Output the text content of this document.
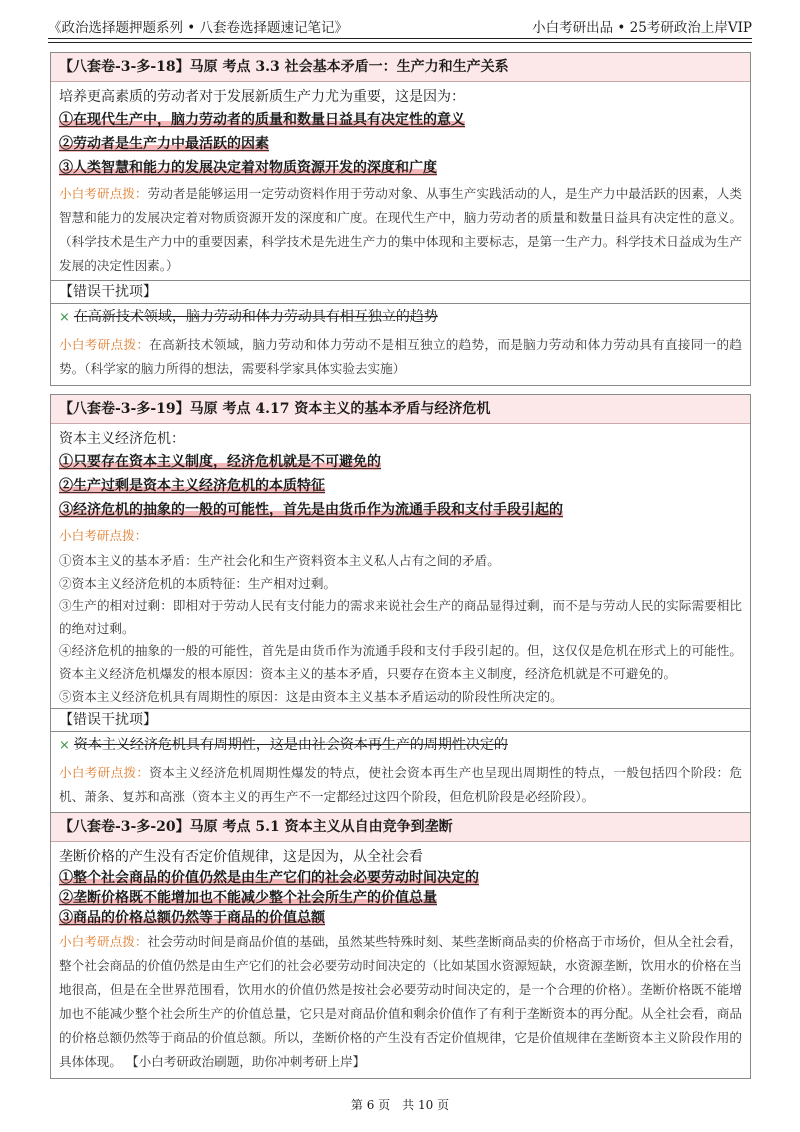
《政治选择题押题系列 • 八套卷选择题速记笔记》	小白考研出品 • 25考研政治上岸VIP
【八套卷-3-多-18】马原 考点 3.3 社会基本矛盾一：生产力和生产关系
培养更高素质的劳动者对于发展新质生产力尤为重要，这是因为：
①在现代生产中，脑力劳动者的质量和数量日益具有决定性的意义
②劳动者是生产力中最活跃的因素
③人类智慧和能力的发展决定着对物质资源开发的深度和广度
小白考研点拨：劳动者是能够运用一定劳动资料作用于劳动对象、从事生产实践活动的人，是生产力中最活跃的因素，人类智慧和能力的发展决定着对物质资源开发的深度和广度。在现代生产中，脑力劳动者的质量和数量日益具有决定性的意义。（科学技术是生产力中的重要因素，科学技术是先进生产力的集中体现和主要标志，是第一生产力。科学技术日益成为生产发展的决定性因素。）
【错误干扰项】
× 在高新技术领域，脑力劳动和体力劳动具有相互独立的趋势
小白考研点拨：在高新技术领域，脑力劳动和体力劳动不是相互独立的趋势，而是脑力劳动和体力劳动具有直接同一的趋势。（科学家的脑力所得的想法，需要科学家具体实验去实施）
【八套卷-3-多-19】马原 考点 4.17 资本主义的基本矛盾与经济危机
资本主义经济危机：
①只要存在资本主义制度，经济危机就是不可避免的
②生产过剩是资本主义经济危机的本质特征
③经济危机的抽象的一般的可能性，首先是由货币作为流通手段和支付手段引起的
小白考研点拨：
①资本主义的基本矛盾：生产社会化和生产资料资本主义私人占有之间的矛盾。
②资本主义经济危机的本质特征：生产相对过剩。
③生产的相对过剩：即相对于劳动人民有支付能力的需求来说社会生产的商品显得过剩，而不是与劳动人民的实际需要相比的绝对过剩。
④经济危机的抽象的一般的可能性，首先是由货币作为流通手段和支付手段引起的。但，这仅仅是危机在形式上的可能性。资本主义经济危机爆发的根本原因：资本主义的基本矛盾，只要存在资本主义制度，经济危机就是不可避免的。
⑤资本主义经济危机具有周期性的原因：这是由资本主义基本矛盾运动的阶段性所决定的。
【错误干扰项】
× 资本主义经济危机具有周期性，这是由社会资本再生产的周期性决定的
小白考研点拨：资本主义经济危机周期性爆发的特点，使社会资本再生产也呈现出周期性的特点，一般包括四个阶段：危机、萧条、复苏和高涨（资本主义的再生产不一定都经过这四个阶段，但危机阶段是必经阶段）。
【八套卷-3-多-20】马原 考点 5.1 资本主义从自由竞争到垄断
垄断价格的产生没有否定价值规律，这是因为，从全社会看
①整个社会商品的价值仍然是由生产它们的社会必要劳动时间决定的
②垄断价格既不能增加也不能减少整个社会所生产的价值总量
③商品的价格总额仍然等于商品的价值总额
小白考研点拨：社会劳动时间是商品价值的基础，虽然某些特殊时刻、某些垄断商品卖的价格高于市场价，但从全社会看，整个社会商品的价值仍然是由生产它们的社会必要劳动时间决定的（比如某国水资源短缺，水资源垄断，饮用水的价格在当地很高，但是在全世界范围看，饮用水的价值仍然是按社会必要劳动时间决定的，是一个合理的价格）。垄断价格既不能增加也不能减少整个社会所生产的价值总量，它只是对商品价值和剩余价值作了有利于垄断资本的再分配。从全社会看，商品的价格总额仍然等于商品的价值总额。所以，垄断价格的产生没有否定价值规律，它是价值规律在垄断资本主义阶段作用的具体体现。 【小白考研政治刷题，助你冲刺考研上岸】
第 6 页　共 10 页
